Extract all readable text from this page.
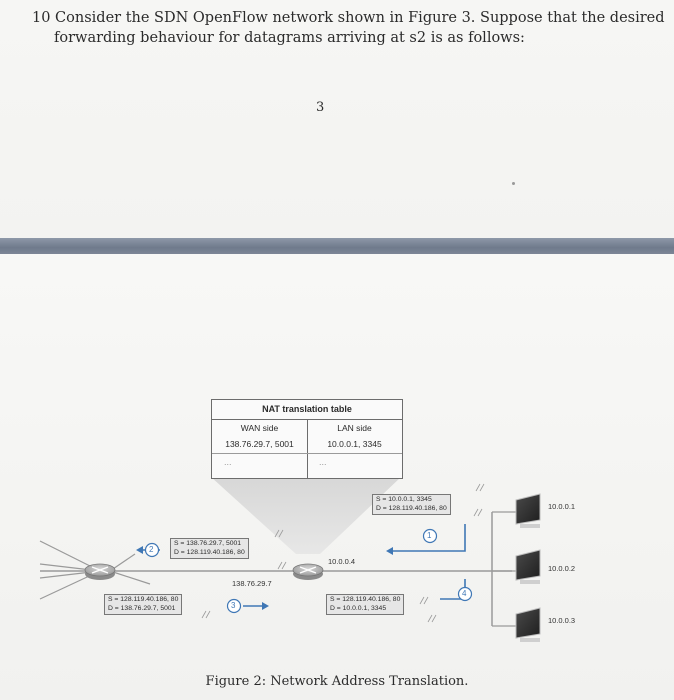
10 Consider the SDN OpenFlow network shown in Figure 3. Suppose that the desired
forwarding behaviour for datagrams arriving at s2 is as follows:
3
1
2
3
4
NAT translation table
WAN side	LAN side
138.76.29.7, 5001	10.0.0.1, 3345
...	...
S = 10.0.0.1, 3345
D = 128.119.40.186, 80
S = 138.76.29.7, 5001
D = 128.119.40.186, 80
S = 128.119.40.186, 80
D = 138.76.29.7, 5001
S = 128.119.40.186, 80
D = 10.0.0.1, 3345
10.0.0.4
138.76.29.7
10.0.0.1
10.0.0.2
10.0.0.3
Figure 2: Network Address Translation.
